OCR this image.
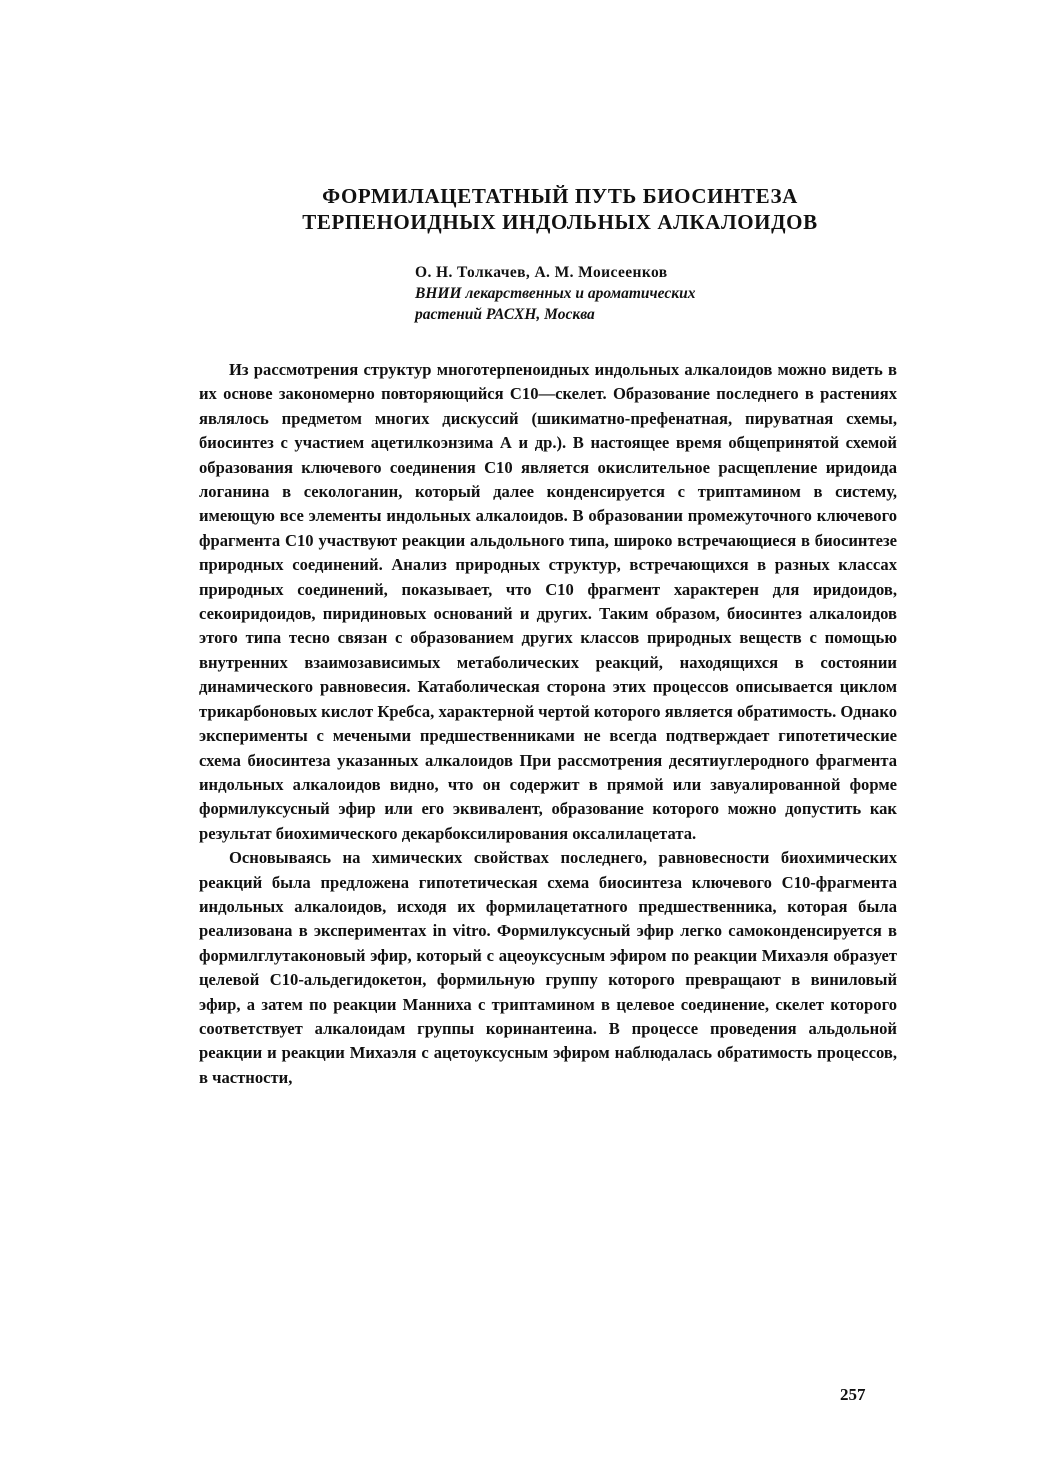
ФОРМИЛАЦЕТАТНЫЙ ПУТЬ БИОСИНТЕЗА
ТЕРПЕНОИДНЫХ ИНДОЛЬНЫХ АЛКАЛОИДОВ
О. Н. Толкачев, А. М. Моисеенков
ВНИИ лекарственных и ароматических
растений РАСХН, Москва

Из рассмотрения структур многотерпеноидных индольных алкалоидов можно видеть в их основе закономерно повторяющийся C10—скелет. Образование последнего в растениях являлось предметом многих дискуссий (шикиматно-префенатная, пируватная схемы, биосинтез с участием ацетилкоэнзима А и др.). В настоящее время общепринятой схемой образования ключевого соединения C10 является окислительное расщепление иридоида логанина в секологанин, который далее конденсируется с триптамином в систему, имеющую все элементы индольных алкалоидов. В образовании промежуточного ключевого фрагмента C10 участвуют реакции альдольного типа, широко встречающиеся в биосинтезе природных соединений. Анализ природных структур, встречающихся в разных классах природных соединений, показывает, что C10 фрагмент характерен для иридоидов, секоиридоидов, пиридиновых оснований и других. Таким образом, биосинтез алкалоидов этого типа тесно связан с образованием других классов природных веществ с помощью внутренних взаимозависимых метаболических реакций, находящихся в состоянии динамического равновесия. Катаболическая сторона этих процессов описывается циклом трикарбоновых кислот Кребса, характерной чертой которого является обратимость. Однако эксперименты с мечеными предшественниками не всегда подтверждает гипотетические схема биосинтеза указанных алкалоидов При рассмотрения десятиуглеродного фрагмента индольных алкалоидов видно, что он содержит в прямой или завуалированной форме формилуксусный эфир или его эквивалент, образование которого можно допустить как результат биохимического декарбоксилирования оксалилацетата.

Основываясь на химических свойствах последнего, равновесности биохимических реакций была предложена гипотетическая схема биосинтеза ключевого C10-фрагмента индольных алкалоидов, исходя их формилацетатного предшественника, которая была реализована в экспериментах in vitro. Формилуксусный эфир легко самоконденсируется в формилглутаконовый эфир, который с ацеоуксусным эфиром по реакции Михаэля образует целевой C10-альдегидокетон, формильную группу которого превращают в виниловый эфир, а затем по реакции Манниха с триптамином в целевое соединение, скелет которого соответствует алкалоидам группы коринантеина. В процессе проведения альдольной реакции и реакции Михаэля с ацетоуксусным эфиром наблюдалась обратимость процессов, в частности,

257
